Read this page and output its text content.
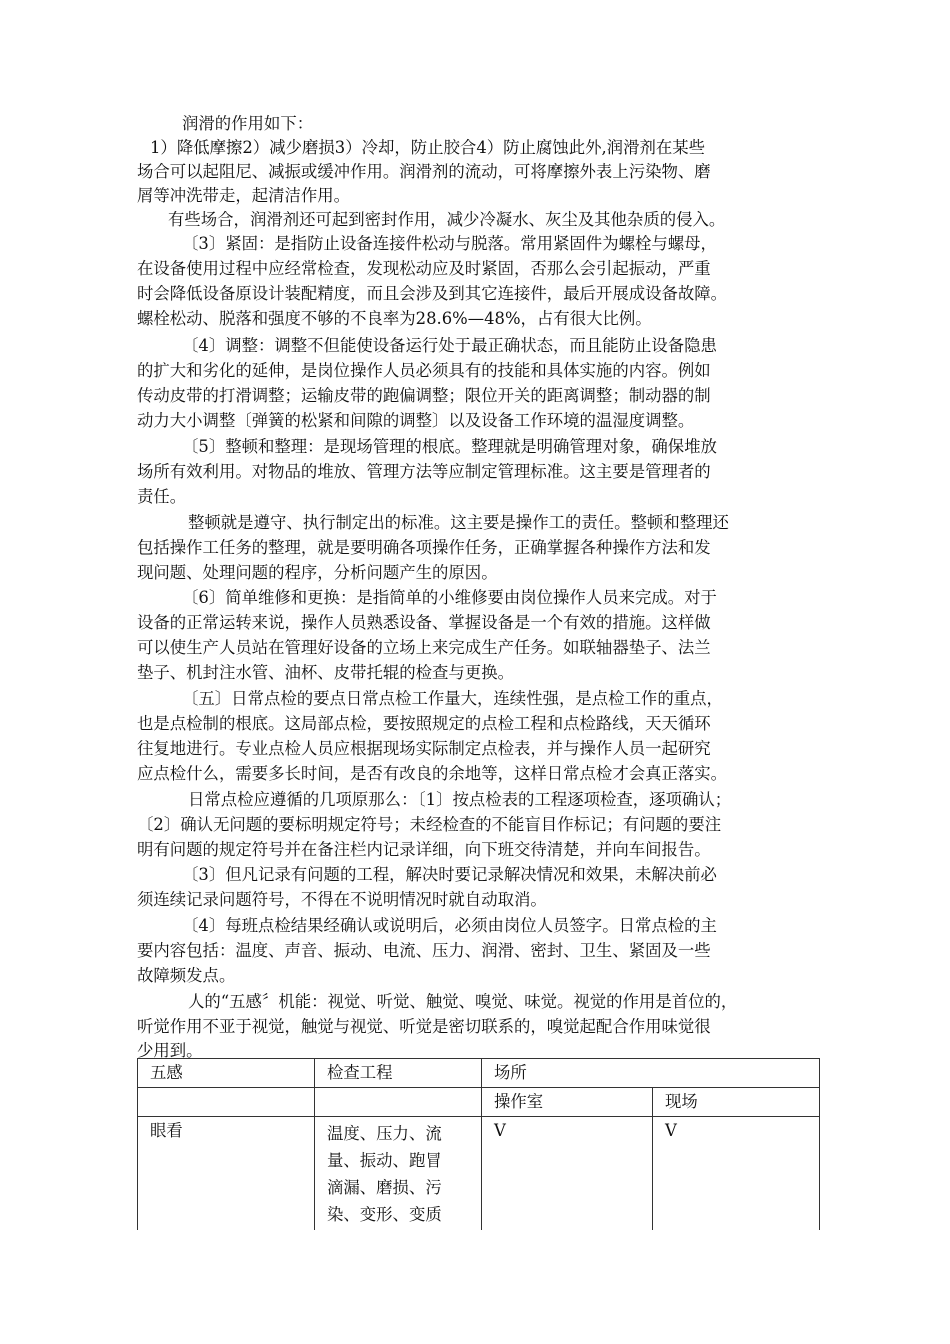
润滑的作用如下：
1）降低摩擦2）减少磨损3）冷却，防止胶合4）防止腐蚀此外,润滑剂在某些
场合可以起阻尼、减振或缓冲作用。润滑剂的流动，可将摩擦外表上污染物、磨
屑等冲洗带走，起清洁作用。
有些场合，润滑剂还可起到密封作用，减少冷凝水、灰尘及其他杂质的侵入。
〔3〕紧固：是指防止设备连接件松动与脱落。常用紧固件为螺栓与螺母，
在设备使用过程中应经常检查，发现松动应及时紧固，否那么会引起振动，严重
时会降低设备原设计装配精度，而且会涉及到其它连接件，最后开展成设备故障。
螺栓松动、脱落和强度不够的不良率为28.6%—48%，占有很大比例。
〔4〕调整：调整不但能使设备运行处于最正确状态，而且能防止设备隐患
的扩大和劣化的延伸，是岗位操作人员必须具有的技能和具体实施的内容。例如
传动皮带的打滑调整；运输皮带的跑偏调整；限位开关的距离调整；制动器的制
动力大小调整〔弹簧的松紧和间隙的调整〕以及设备工作环境的温湿度调整。
〔5〕整顿和整理：是现场管理的根底。整理就是明确管理对象，确保堆放
场所有效利用。对物品的堆放、管理方法等应制定管理标准。这主要是管理者的
责任。
整顿就是遵守、执行制定出的标准。这主要是操作工的责任。整顿和整理还
包括操作工任务的整理，就是要明确各项操作任务，正确掌握各种操作方法和发
现问题、处理问题的程序，分析问题产生的原因。
〔6〕简单维修和更换：是指简单的小维修要由岗位操作人员来完成。对于
设备的正常运转来说，操作人员熟悉设备、掌握设备是一个有效的措施。这样做
可以使生产人员站在管理好设备的立场上来完成生产任务。如联轴器垫子、法兰
垫子、机封注水管、油杯、皮带托辊的检查与更换。
〔五〕日常点检的要点日常点检工作量大，连续性强，是点检工作的重点，
也是点检制的根底。这局部点检，要按照规定的点检工程和点检路线，天天循环
往复地进行。专业点检人员应根据现场实际制定点检表，并与操作人员一起研究
应点检什么，需要多长时间，是否有改良的余地等，这样日常点检才会真正落实。
日常点检应遵循的几项原那么：〔1〕按点检表的工程逐项检查，逐项确认；
〔2〕确认无问题的要标明规定符号；未经检查的不能盲目作标记；有问题的要注
明有问题的规定符号并在备注栏内记录详细，向下班交待清楚，并向车间报告。
〔3〕但凡记录有问题的工程，解决时要记录解决情况和效果，未解决前必
须连续记录问题符号，不得在不说明情况时就自动取消。
〔4〕每班点检结果经确认或说明后，必须由岗位人员签字。日常点检的主
要内容包括：温度、声音、振动、电流、压力、润滑、密封、卫生、紧固及一些
故障频发点。
人的“五感〞机能：视觉、听觉、触觉、嗅觉、味觉。视觉的作用是首位的，
听觉作用不亚于视觉，触觉与视觉、听觉是密切联系的，嗅觉起配合作用味觉很
少用到。
五感	检查工程	场所	
		操作室	现场
眼看	温度、压力、流
量、振动、跑冒
滴漏、磨损、污
染、变形、变质	V	V
